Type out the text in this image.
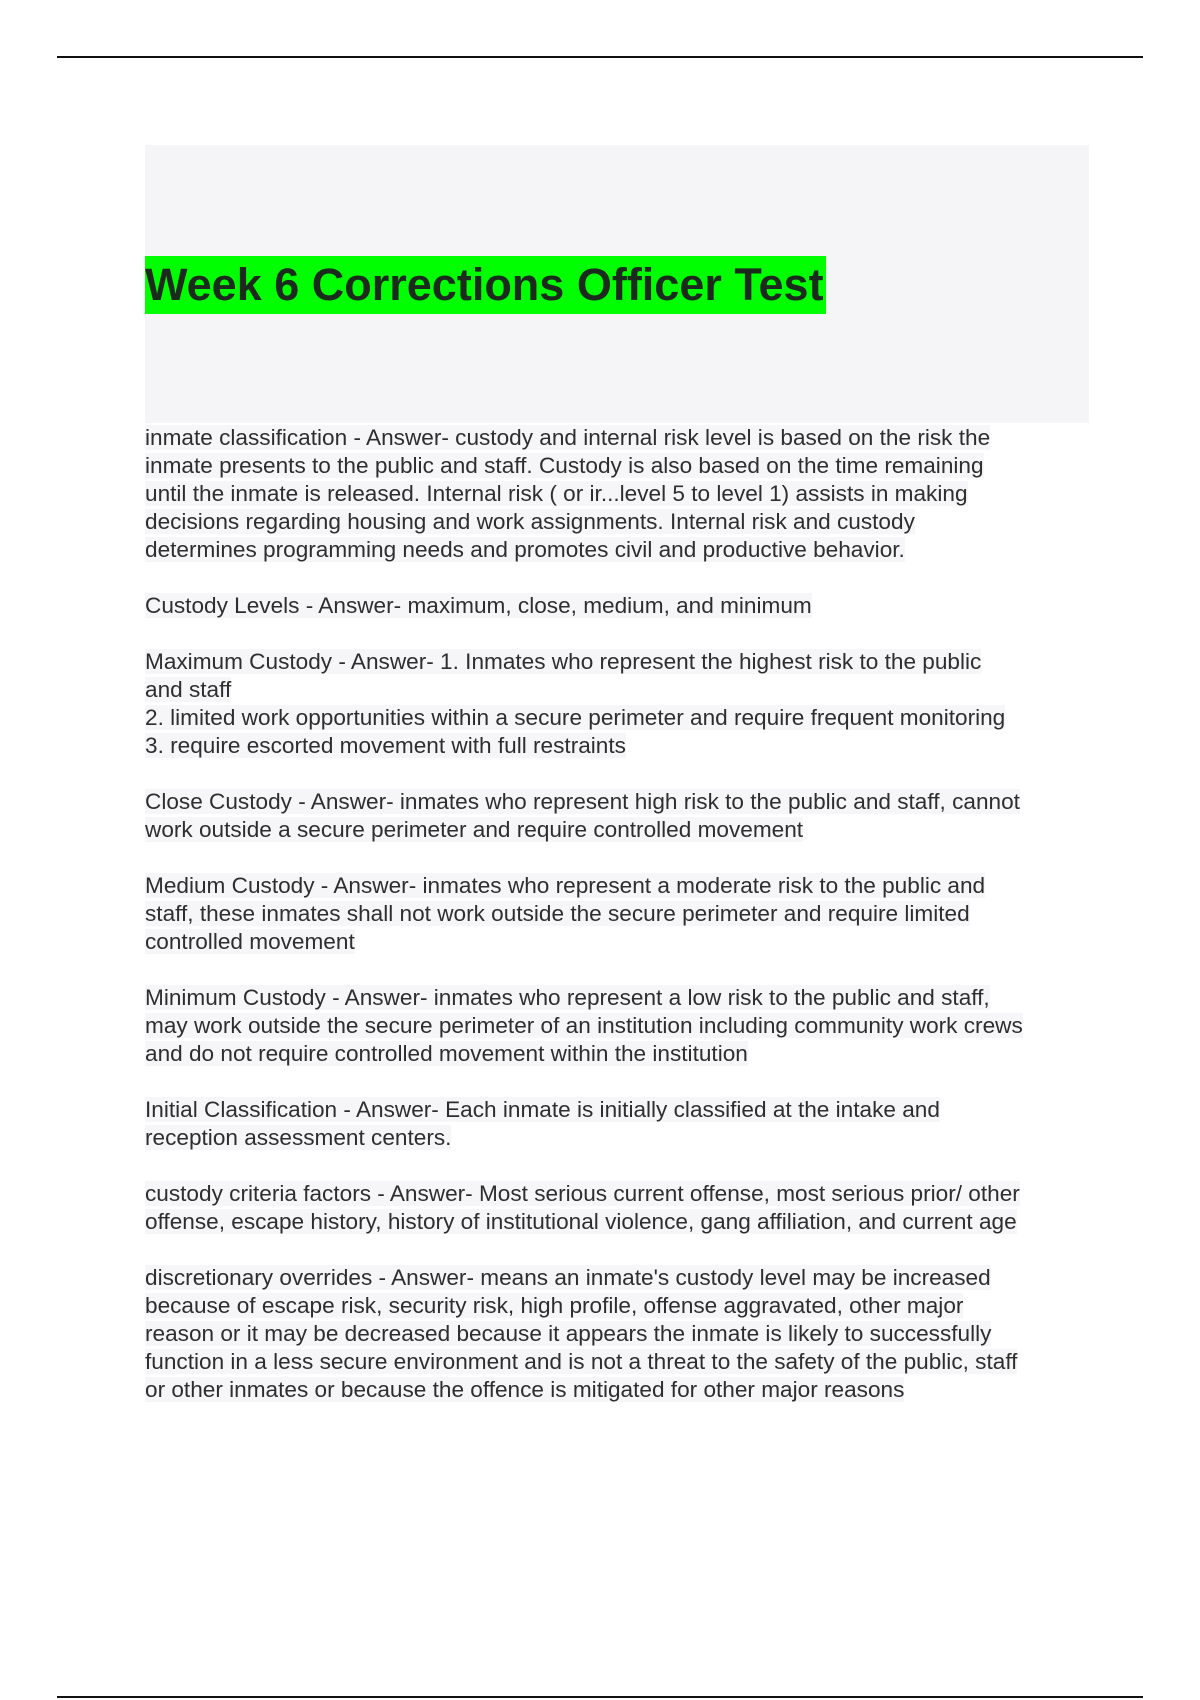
Week 6 Corrections Officer Test

inmate classification - Answer- custody and internal risk level is based on the risk the
inmate presents to the public and staff. Custody is also based on the time remaining
until the inmate is released. Internal risk ( or ir...level 5 to level 1) assists in making
decisions regarding housing and work assignments. Internal risk and custody
determines programming needs and promotes civil and productive behavior.

Custody Levels - Answer- maximum, close, medium, and minimum

Maximum Custody - Answer- 1. Inmates who represent the highest risk to the public
and staff
2. limited work opportunities within a secure perimeter and require frequent monitoring
3. require escorted movement with full restraints

Close Custody - Answer- inmates who represent high risk to the public and staff, cannot
work outside a secure perimeter and require controlled movement

Medium Custody - Answer- inmates who represent a moderate risk to the public and
staff, these inmates shall not work outside the secure perimeter and require limited
controlled movement

Minimum Custody - Answer- inmates who represent a low risk to the public and staff,
may work outside the secure perimeter of an institution including community work crews
and do not require controlled movement within the institution

Initial Classification - Answer- Each inmate is initially classified at the intake and
reception assessment centers.

custody criteria factors - Answer- Most serious current offense, most serious prior/ other
offense, escape history, history of institutional violence, gang affiliation, and current age

discretionary overrides - Answer- means an inmate's custody level may be increased
because of escape risk, security risk, high profile, offense aggravated, other major
reason or it may be decreased because it appears the inmate is likely to successfully
function in a less secure environment and is not a threat to the safety of the public, staff
or other inmates or because the offence is mitigated for other major reasons
